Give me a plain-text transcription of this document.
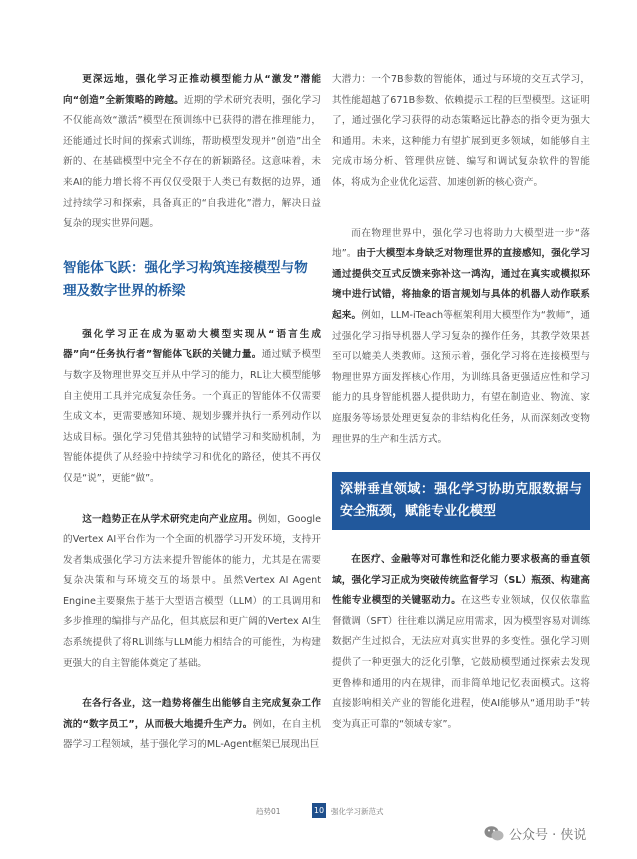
更深远地，强化学习正推动模型能力从“激发”潜能向“创造”全新策略的跨越。近期的学术研究表明，强化学习不仅能高效“激活”模型在预训练中已获得的潜在推理能力，还能通过长时间的探索式训练，帮助模型发现并“创造”出全新的、在基础模型中完全不存在的新颖路径。这意味着，未来AI的能力增长将不再仅仅受限于人类已有数据的边界，通过持续学习和探索，具备真正的“自我进化”潜力，解决日益复杂的现实世界问题。

智能体飞跃：强化学习构筑连接模型与物理及数字世界的桥梁

强化学习正在成为驱动大模型实现从“语言生成器”向“任务执行者”智能体飞跃的关键力量。通过赋予模型与数字及物理世界交互并从中学习的能力，RL让大模型能够自主使用工具并完成复杂任务。一个真正的智能体不仅需要生成文本，更需要感知环境、规划步骤并执行一系列动作以达成目标。强化学习凭借其独特的试错学习和奖励机制，为智能体提供了从经验中持续学习和优化的路径，使其不再仅仅是“说”，更能“做”。

这一趋势正在从学术研究走向产业应用。例如，Google的Vertex AI平台作为一个全面的机器学习开发环境，支持开发者集成强化学习方法来提升智能体的能力，尤其是在需要复杂决策和与环境交互的场景中。虽然Vertex AI Agent Engine主要聚焦于基于大型语言模型（LLM）的工具调用和多步推理的编排与产品化，但其底层和更广阔的Vertex AI生态系统提供了将RL训练与LLM能力相结合的可能性，为构建更强大的自主智能体奠定了基础。

在各行各业，这一趋势将催生出能够自主完成复杂工作流的“数字员工”，从而极大地提升生产力。例如，在自主机器学习工程领域，基于强化学习的ML-Agent框架已展现出巨

大潜力：一个7B参数的智能体，通过与环境的交互式学习，其性能超越了671B参数、依赖提示工程的巨型模型。这证明了，通过强化学习获得的动态策略远比静态的指令更为强大和通用。未来，这种能力有望扩展到更多领域，如能够自主完成市场分析、管理供应链、编写和调试复杂软件的智能体，将成为企业优化运营、加速创新的核心资产。

而在物理世界中，强化学习也将助力大模型进一步“落地”。由于大模型本身缺乏对物理世界的直接感知，强化学习通过提供交互式反馈来弥补这一鸿沟，通过在真实或模拟环境中进行试错，将抽象的语言规划与具体的机器人动作联系起来。例如，LLM-iTeach等框架利用大模型作为“教师”，通过强化学习指导机器人学习复杂的操作任务，其教学效果甚至可以媲美人类教师。这预示着，强化学习将在连接模型与物理世界方面发挥核心作用，为训练具备更强适应性和学习能力的具身智能机器人提供助力，有望在制造业、物流、家庭服务等场景处理更复杂的非结构化任务，从而深刻改变物理世界的生产和生活方式。

深耕垂直领域：强化学习协助克服数据与安全瓶颈，赋能专业化模型

在医疗、金融等对可靠性和泛化能力要求极高的垂直领域，强化学习正成为突破传统监督学习（SL）瓶颈、构建高性能专业模型的关键驱动力。在这些专业领域，仅仅依靠监督微调（SFT）往往难以满足应用需求，因为模型容易对训练数据产生过拟合，无法应对真实世界的多变性。强化学习则提供了一种更强大的泛化引擎，它鼓励模型通过探索去发现更鲁棒和通用的内在规律，而非简单地记忆表面模式。这将直接影响相关产业的智能化进程，使AI能够从“通用助手”转变为真正可靠的“领域专家”。

趋势01	10 强化学习新范式
公众号 · 侠说
